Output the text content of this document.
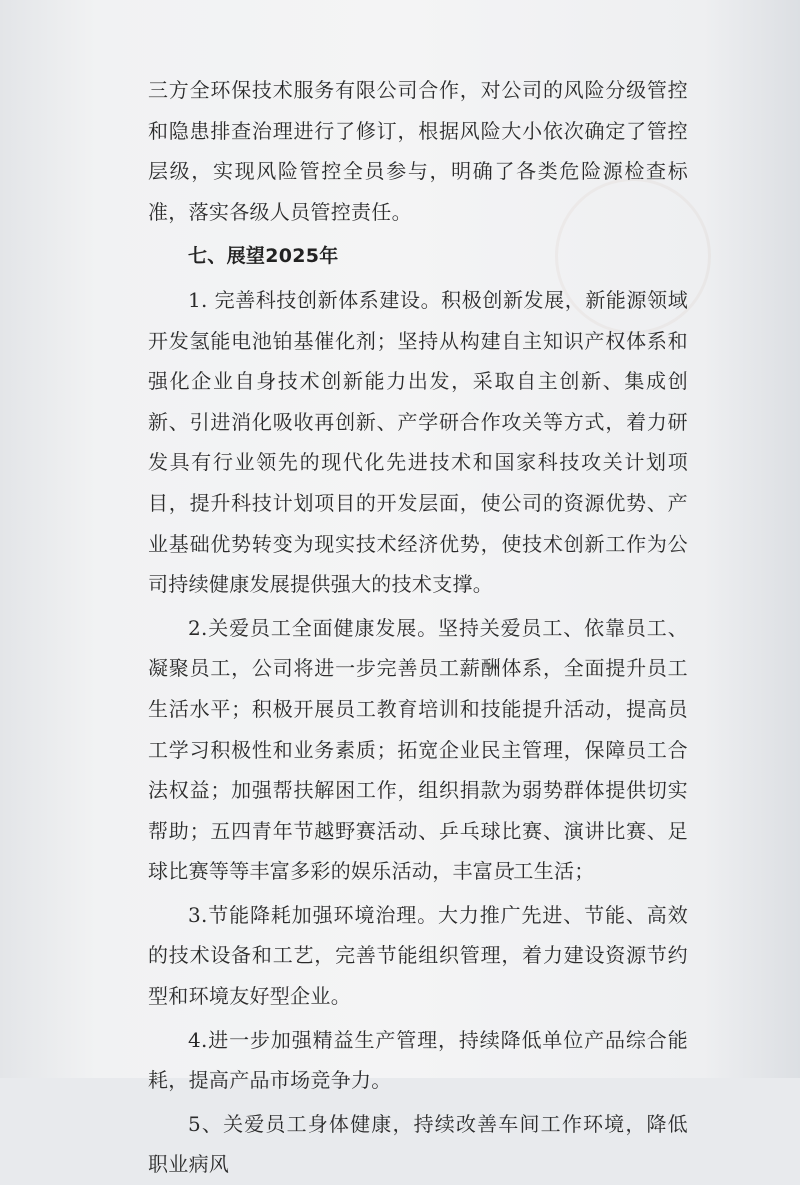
三方全环保技术服务有限公司合作，对公司的风险分级管控和隐患排查治理进行了修订，根据风险大小依次确定了管控层级，实现风险管控全员参与，明确了各类危险源检查标准，落实各级人员管控责任。

七、展望2025年

1. 完善科技创新体系建设。积极创新发展，新能源领域开发氢能电池铂基催化剂；坚持从构建自主知识产权体系和强化企业自身技术创新能力出发，采取自主创新、集成创新、引进消化吸收再创新、产学研合作攻关等方式，着力研发具有行业领先的现代化先进技术和国家科技攻关计划项目，提升科技计划项目的开发层面，使公司的资源优势、产业基础优势转变为现实技术经济优势，使技术创新工作为公司持续健康发展提供强大的技术支撑。

2.关爱员工全面健康发展。坚持关爱员工、依靠员工、凝聚员工，公司将进一步完善员工薪酬体系，全面提升员工生活水平；积极开展员工教育培训和技能提升活动，提高员工学习积极性和业务素质；拓宽企业民主管理，保障员工合法权益；加强帮扶解困工作，组织捐款为弱势群体提供切实帮助；五四青年节越野赛活动、乒乓球比赛、演讲比赛、足球比赛等等丰富多彩的娱乐活动，丰富员工生活；

3.节能降耗加强环境治理。大力推广先进、节能、高效的技术设备和工艺，完善节能组织管理，着力建设资源节约型和环境友好型企业。

4.进一步加强精益生产管理，持续降低单位产品综合能耗，提高产品市场竞争力。

5、关爱员工身体健康，持续改善车间工作环境，降低职业病风
